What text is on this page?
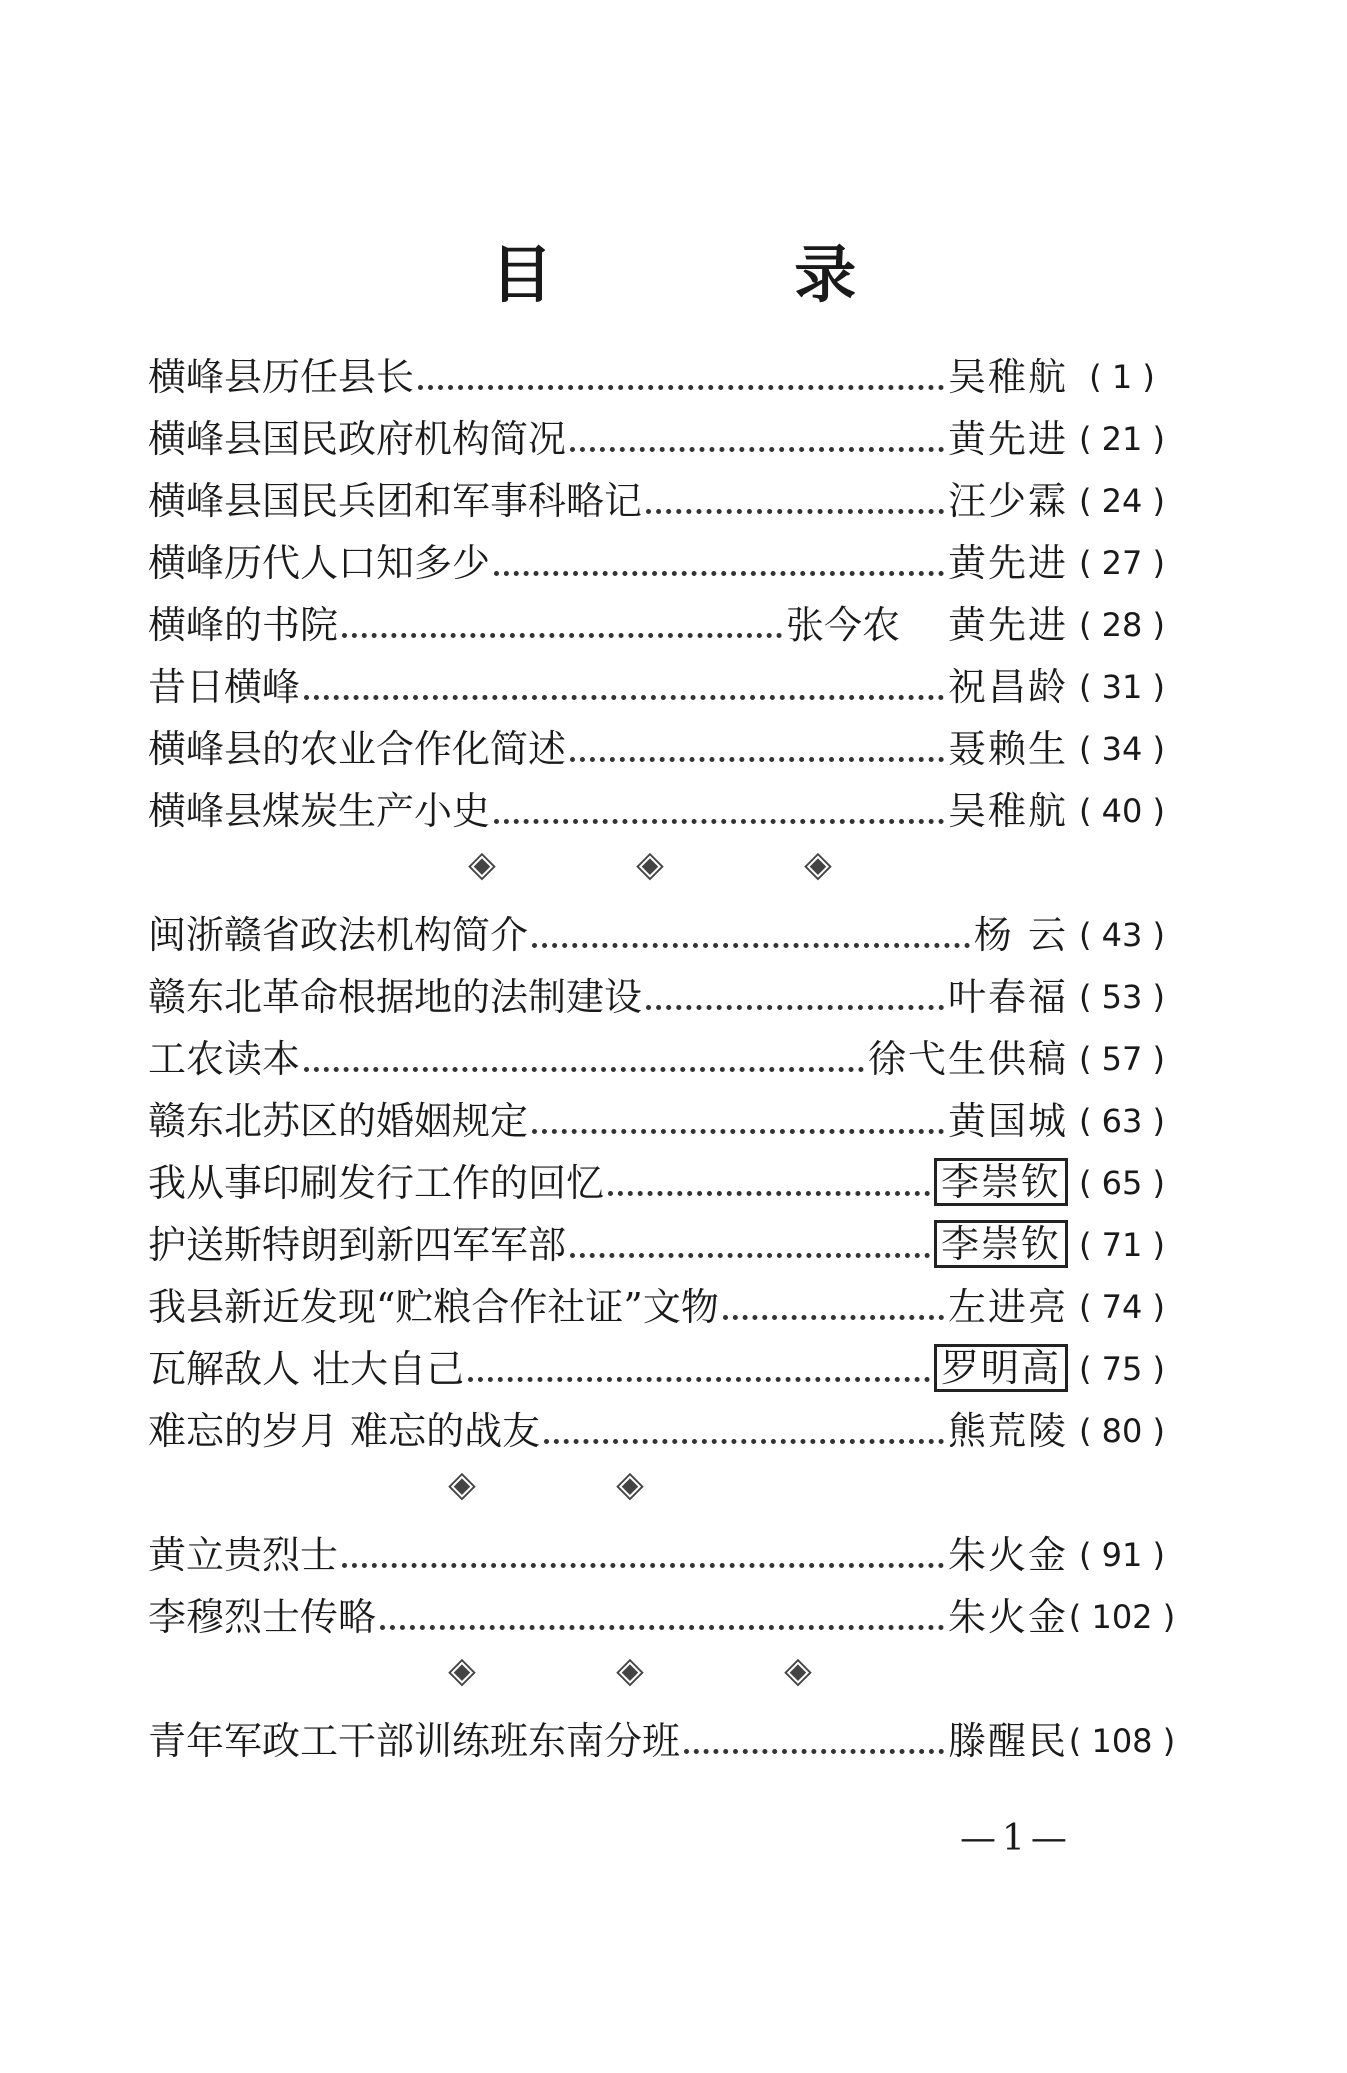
目 录
横峰县历任县长	吴稚航 ( 1 )
横峰县国民政府机构简况	黄先进 ( 21 )
横峰县国民兵团和军事科略记	汪少霖 ( 24 )
横峰历代人口知多少	黄先进 ( 27 )
横峰的书院	张今农 黄先进 ( 28 )
昔日横峰	祝昌龄 ( 31 )
横峰县的农业合作化简述	聂赖生 ( 34 )
横峰县煤炭生产小史	吴稚航 ( 40 )
◈	◈	◈
闽浙赣省政法机构简介	杨 云 ( 43 )
赣东北革命根据地的法制建设	叶春福 ( 53 )
工农读本	徐弋生供稿 ( 57 )
赣东北苏区的婚姻规定	黄国城 ( 63 )
我从事印刷发行工作的回忆	李崇钦 ( 65 )
护送斯特朗到新四军军部	李崇钦 ( 71 )
我县新近发现“贮粮合作社证”文物	左进亮 ( 74 )
瓦解敌人 壮大自己	罗明高 ( 75 )
难忘的岁月 难忘的战友	熊荒陵 ( 80 )
◈	◈
黄立贵烈士	朱火金 ( 91 )
李穆烈士传略	朱火金 ( 102 )
◈	◈	◈
青年军政工干部训练班东南分班	滕醒民 ( 108 )
—1—
